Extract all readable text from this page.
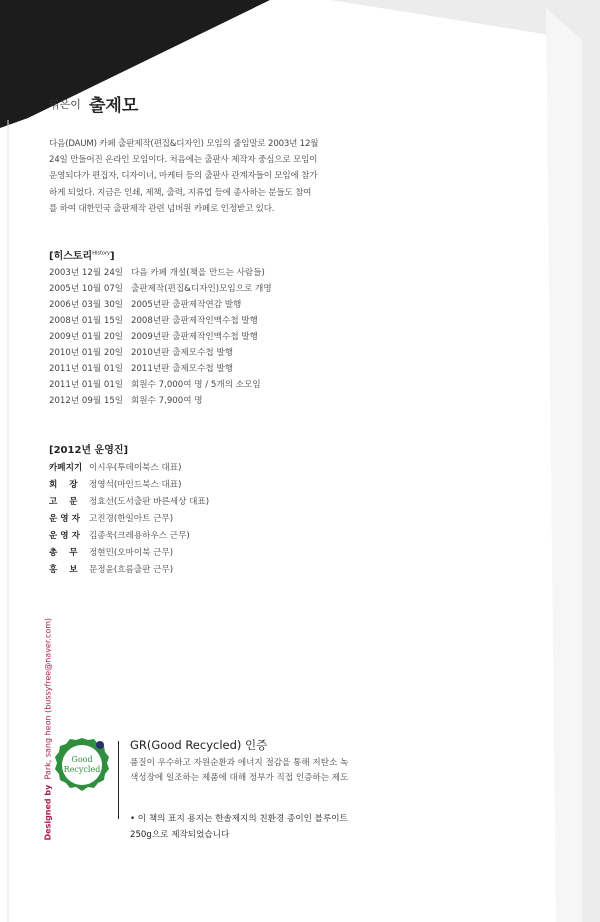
엮은이 출제모
다음(DAUM) 카페 출판제작(편집&디자인) 모임의 줄임말로 2003년 12월 24일 만들어진 온라인 모임이다. 처음에는 출판사 제작자 중심으로 모임이 운영되다가 편집자, 디자이너, 마케터 등의 출판사 관계자들이 모임에 참가하게 되었다. 지금은 인쇄, 제책, 출력, 지류업 등에 종사하는 분들도 참여를 하여 대한민국 출판제작 관련 넘버원 카페로 인정받고 있다.
[히스토리$^{History}$]
2003년 12월 24일 다음 카페 개설(책을 만드는 사람들)
2005년 10월 07일 출판제작(편집&디자인)모임으로 개명
2006년 03월 30일 2005년판 출판제작연감 발행
2008년 01월 15일 2008년판 출판제작인맥수첩 발행
2009년 01월 20일 2009년판 출판제작인맥수첩 발행
2010년 01월 20일 2010년판 출제모수첩 발행
2011년 01월 01일 2011년판 출제모수첩 발행
2011년 01월 01일 회원수 7,000여 명 / 5개의 소모임
2012년 09월 15일 회원수 7,900여 명
[2012년 운영진]
카페지기 이시우(투데이북스 대표)
회    장 정영석(마인드북스 대표)
고    문 정효선(도서출판 바른세상 대표)
운 영 자 고진경(한일아트 근무)
운 영 자 김종욱(크레용하우스 근무)
총    무 정현민(오마이북 근무)
홍    보 문정윤(흐름출판 근무)
Designed by  Park, sang heon (bussyfree@naver.com) Good
Recycled
GR(Good Recycled) 인증
품질이 우수하고 자원순환과 에너지 절감을 통해 저탄소 녹색성장에 일조하는 제품에 대해 정부가 직접 인증하는 제도
• 이 책의 표지 용지는 한솔제지의 친환경 종이인 블루이트 250g으로 제작되었습니다
